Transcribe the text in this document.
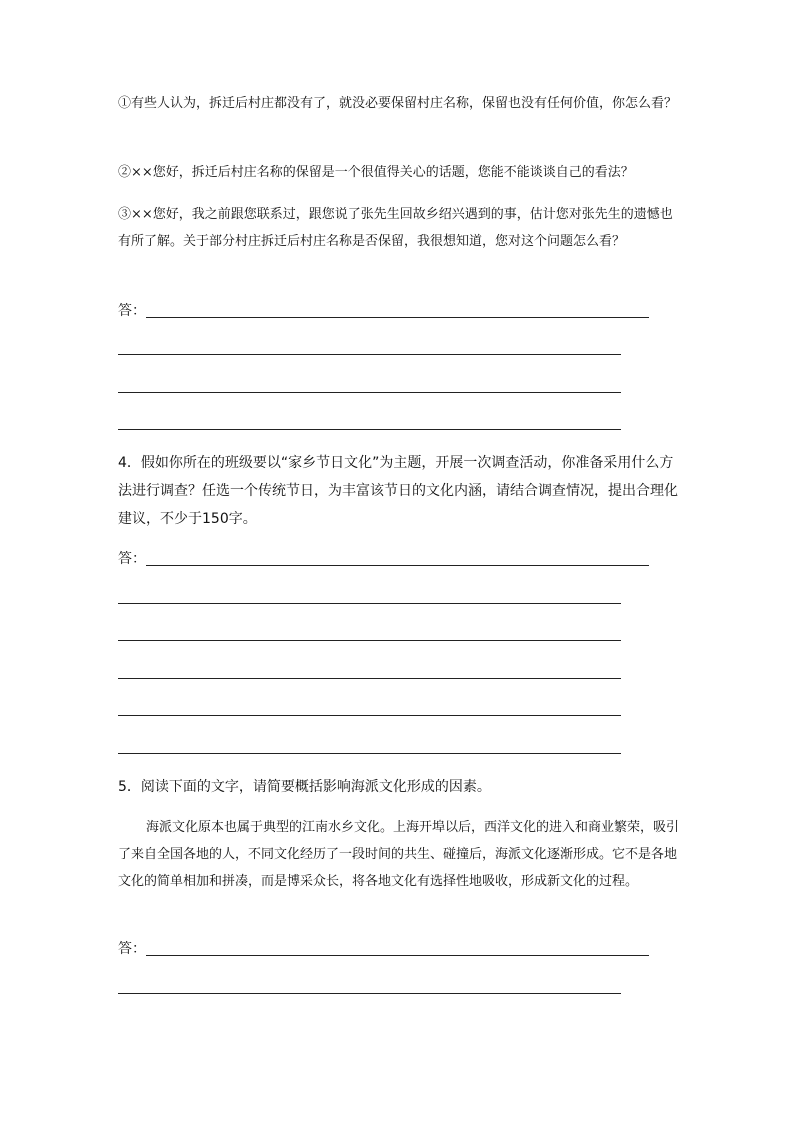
①有些人认为，拆迁后村庄都没有了，就没必要保留村庄名称，保留也没有任何价值，你怎么看？

②××您好，拆迁后村庄名称的保留是一个很值得关心的话题，您能不能谈谈自己的看法？

③××您好，我之前跟您联系过，跟您说了张先生回故乡绍兴遇到的事，估计您对张先生的遗憾也有所了解。关于部分村庄拆迁后村庄名称是否保留，我很想知道，您对这个问题怎么看？

答：

4．假如你所在的班级要以“家乡节日文化”为主题，开展一次调查活动，你准备采用什么方法进行调查？任选一个传统节日，为丰富该节日的文化内涵，请结合调查情况，提出合理化建议，不少于150字。

答：

5．阅读下面的文字，请简要概括影响海派文化形成的因素。

海派文化原本也属于典型的江南水乡文化。上海开埠以后，西洋文化的进入和商业繁荣，吸引了来自全国各地的人，不同文化经历了一段时间的共生、碰撞后，海派文化逐渐形成。它不是各地文化的简单相加和拼凑，而是博采众长，将各地文化有选择性地吸收，形成新文化的过程。

答：
